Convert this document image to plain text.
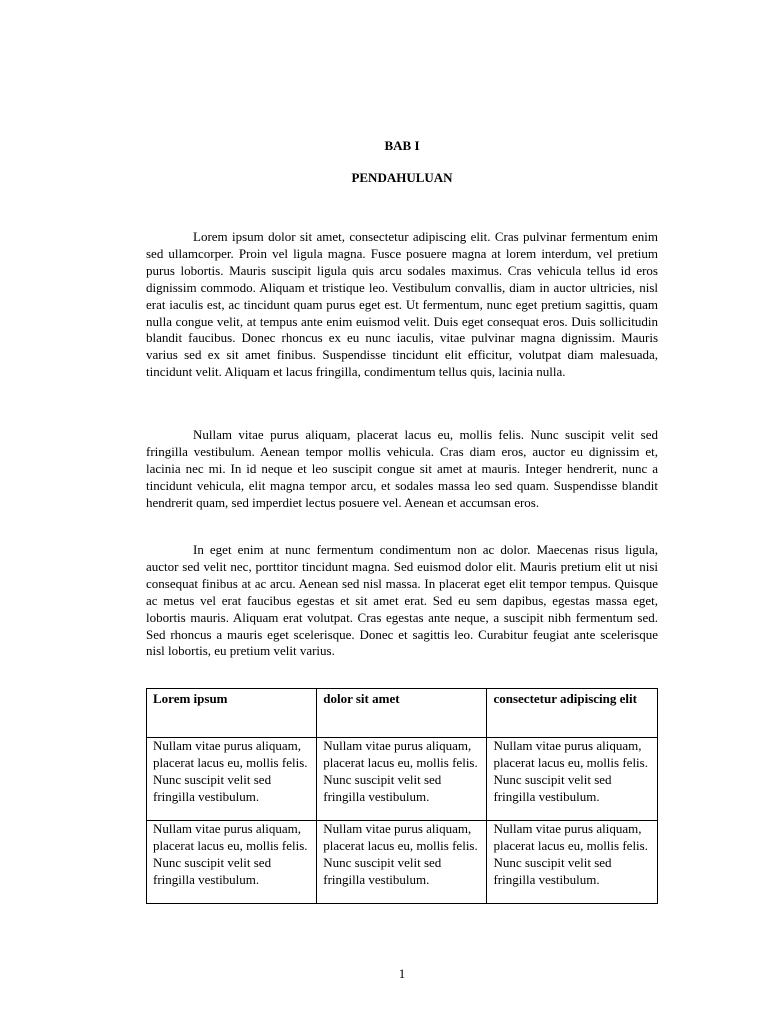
BAB I
PENDAHULUAN

Lorem ipsum dolor sit amet, consectetur adipiscing elit. Cras pulvinar fermentum enim sed ullamcorper. Proin vel ligula magna. Fusce posuere magna at lorem interdum, vel pretium purus lobortis. Mauris suscipit ligula quis arcu sodales maximus. Cras vehicula tellus id eros dignissim commodo. Aliquam et tristique leo. Vestibulum convallis, diam in auctor ultricies, nisl erat iaculis est, ac tincidunt quam purus eget est. Ut fermentum, nunc eget pretium sagittis, quam nulla congue velit, at tempus ante enim euismod velit. Duis eget consequat eros. Duis sollicitudin blandit faucibus. Donec rhoncus ex eu nunc iaculis, vitae pulvinar magna dignissim. Mauris varius sed ex sit amet finibus. Suspendisse tincidunt elit efficitur, volutpat diam malesuada, tincidunt velit. Aliquam et lacus fringilla, condimentum tellus quis, lacinia nulla.

Nullam vitae purus aliquam, placerat lacus eu, mollis felis. Nunc suscipit velit sed fringilla vestibulum. Aenean tempor mollis vehicula. Cras diam eros, auctor eu dignissim et, lacinia nec mi. In id neque et leo suscipit congue sit amet at mauris. Integer hendrerit, nunc a tincidunt vehicula, elit magna tempor arcu, et sodales massa leo sed quam. Suspendisse blandit hendrerit quam, sed imperdiet lectus posuere vel. Aenean et accumsan eros.

In eget enim at nunc fermentum condimentum non ac dolor. Maecenas risus ligula, auctor sed velit nec, porttitor tincidunt magna. Sed euismod dolor elit. Mauris pretium elit ut nisi consequat finibus at ac arcu. Aenean sed nisl massa. In placerat eget elit tempor tempus. Quisque ac metus vel erat faucibus egestas et sit amet erat. Sed eu sem dapibus, egestas massa eget, lobortis mauris. Aliquam erat volutpat. Cras egestas ante neque, a suscipit nibh fermentum sed. Sed rhoncus a mauris eget scelerisque. Donec et sagittis leo. Curabitur feugiat ante scelerisque nisl lobortis, eu pretium velit varius.

Lorem ipsum	dolor sit amet	consectetur adipiscing elit
Nullam vitae purus aliquam, placerat lacus eu, mollis felis. Nunc suscipit velit sed fringilla vestibulum.	Nullam vitae purus aliquam, placerat lacus eu, mollis felis. Nunc suscipit velit sed fringilla vestibulum.	Nullam vitae purus aliquam, placerat lacus eu, mollis felis. Nunc suscipit velit sed fringilla vestibulum.
Nullam vitae purus aliquam, placerat lacus eu, mollis felis. Nunc suscipit velit sed fringilla vestibulum.	Nullam vitae purus aliquam, placerat lacus eu, mollis felis. Nunc suscipit velit sed fringilla vestibulum.	Nullam vitae purus aliquam, placerat lacus eu, mollis felis. Nunc suscipit velit sed fringilla vestibulum.
1
